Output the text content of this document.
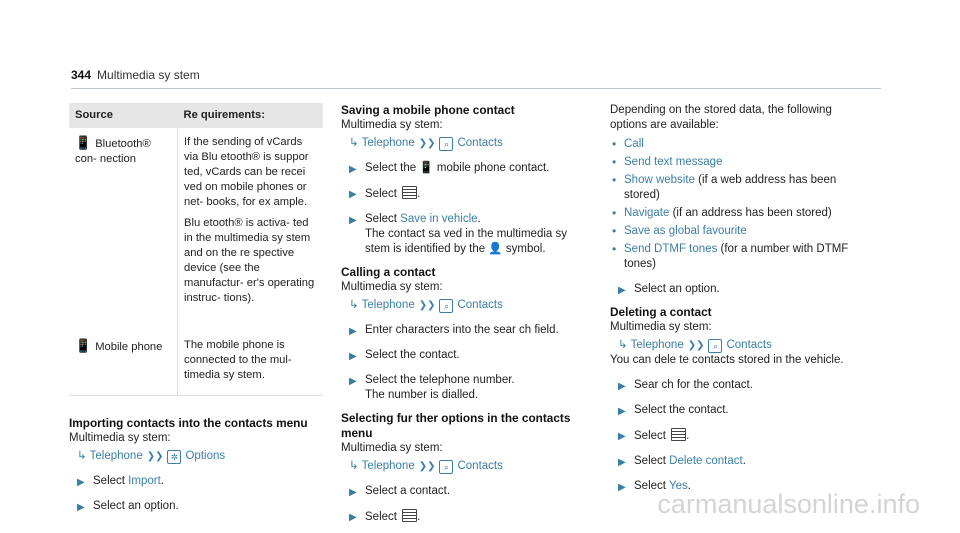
344 Multimedia sy stem
Source	Re quirements:
📱 Bluetooth® con- nection	If the sending of vCards via Blu etooth® is suppor ted, vCards can be recei ved on mobile phones or net‐ books, for ex ample.

Blu etooth® is activa‐ ted in the multimedia sy stem and on the re spective device (see the manufactur‐ er's operating instruc‐ tions).

📱 Mobile phone	The mobile phone is connected to the mul‐ timedia sy stem.

Importing contacts into the contacts menu

Multimedia sy stem:

↳ Telephone ❯❯ ✲ Options
▶ Select Import.
▶ Select an option.
Saving a mobile phone contact

Multimedia sy stem:

↳ Telephone ❯❯ ⌕ Contacts
▶ Select the 📱 mobile phone contact.
▶ Select .
▶ Select Save in vehicle.
The contact sa ved in the multimedia sy stem is identified by the 👤 symbol.
Calling a contact

Multimedia sy stem:

↳ Telephone ❯❯ ⌕ Contacts
▶ Enter characters into the sear ch field.
▶ Select the contact.
▶ Select the telephone number.
The number is dialled.
Selecting fur ther options in the contacts menu

Multimedia sy stem:

↳ Telephone ❯❯ ⌕ Contacts
▶ Select a contact.
▶ Select .

Depending on the stored data, the following options are available:

• Call
• Send text message
• Show website (if a web address has been stored)
• Navigate (if an address has been stored)
• Save as global favourite
• Send DTMF tones (for a number with DTMF tones)
▶ Select an option.
Deleting a contact

Multimedia sy stem:

↳ Telephone ❯❯ ⌕ Contacts

You can dele te contacts stored in the vehicle.

▶ Sear ch for the contact.
▶ Select the contact.
▶ Select .
▶ Select Delete contact.
▶ Select Yes.
carmanualsonline.info
